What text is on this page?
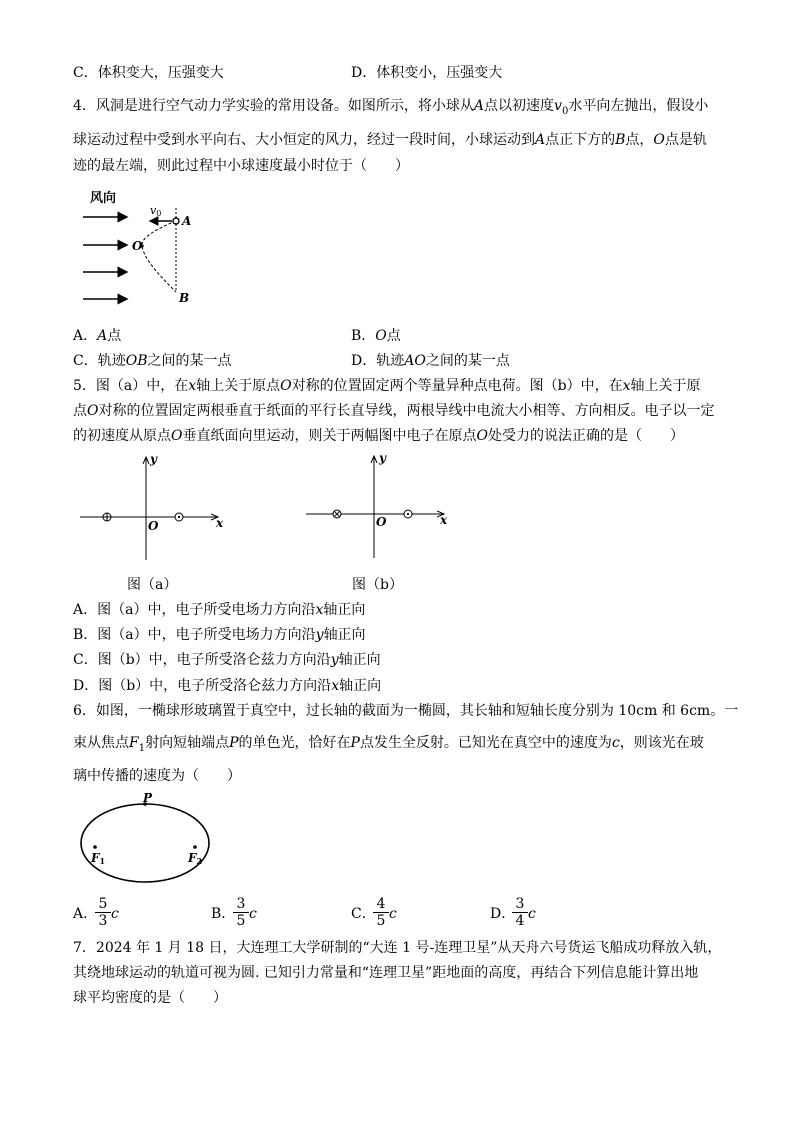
C．体积变大，压强变大	D．体积变小，压强变大
4．风洞是进行空气动力学实验的常用设备。如图所示，将小球从A点以初速度$v_0$水平向左抛出，假设小
球运动过程中受到水平向右、大小恒定的风力，经过一段时间，小球运动到A点正下方的B点，O点是轨
迹的最左端，则此过程中小球速度最小时位于（　　）
风向
v0
A
O
B
A．A点	B．O点
C．轨迹OB之间的某一点	D．轨迹AO之间的某一点
5．图（a）中，在x轴上关于原点O对称的位置固定两个等量异种点电荷。图（b）中，在x轴上关于原
点O对称的位置固定两根垂直于纸面的平行长直导线，两根导线中电流大小相等、方向相反。电子以一定
的初速度从原点O垂直纸面向里运动，则关于两幅图中电子在原点O处受力的说法正确的是（　　）
x
y
O	x
y
O
图（a）	图（b）
A．图（a）中，电子所受电场力方向沿x轴正向
B．图（a）中，电子所受电场力方向沿y轴正向
C．图（b）中，电子所受洛仑兹力方向沿y轴正向
D．图（b）中，电子所受洛仑兹力方向沿x轴正向
6．如图，一椭球形玻璃置于真空中，过长轴的截面为一椭圆，其长轴和短轴长度分别为 10cm 和 6cm。一
束从焦点$F_1$射向短轴端点P的单色光，恰好在P点发生全反射。已知光在真空中的速度为c，则该光在玻
璃中传播的速度为（　　）
P
F1	F2
A．
$\frac{5}{3}$ c	B．
$\frac{3}{5}$ c	C．
$\frac{4}{5}$ c	D．
$\frac{3}{4}$ c
7．2024 年 1 月 18 日，大连理工大学研制的“大连 1 号-连理卫星”从天舟六号货运飞船成功释放入轨，
其绕地球运动的轨道可视为圆. 已知引力常量和“连理卫星”距地面的高度，再结合下列信息能计算出地
球平均密度的是（　　）
